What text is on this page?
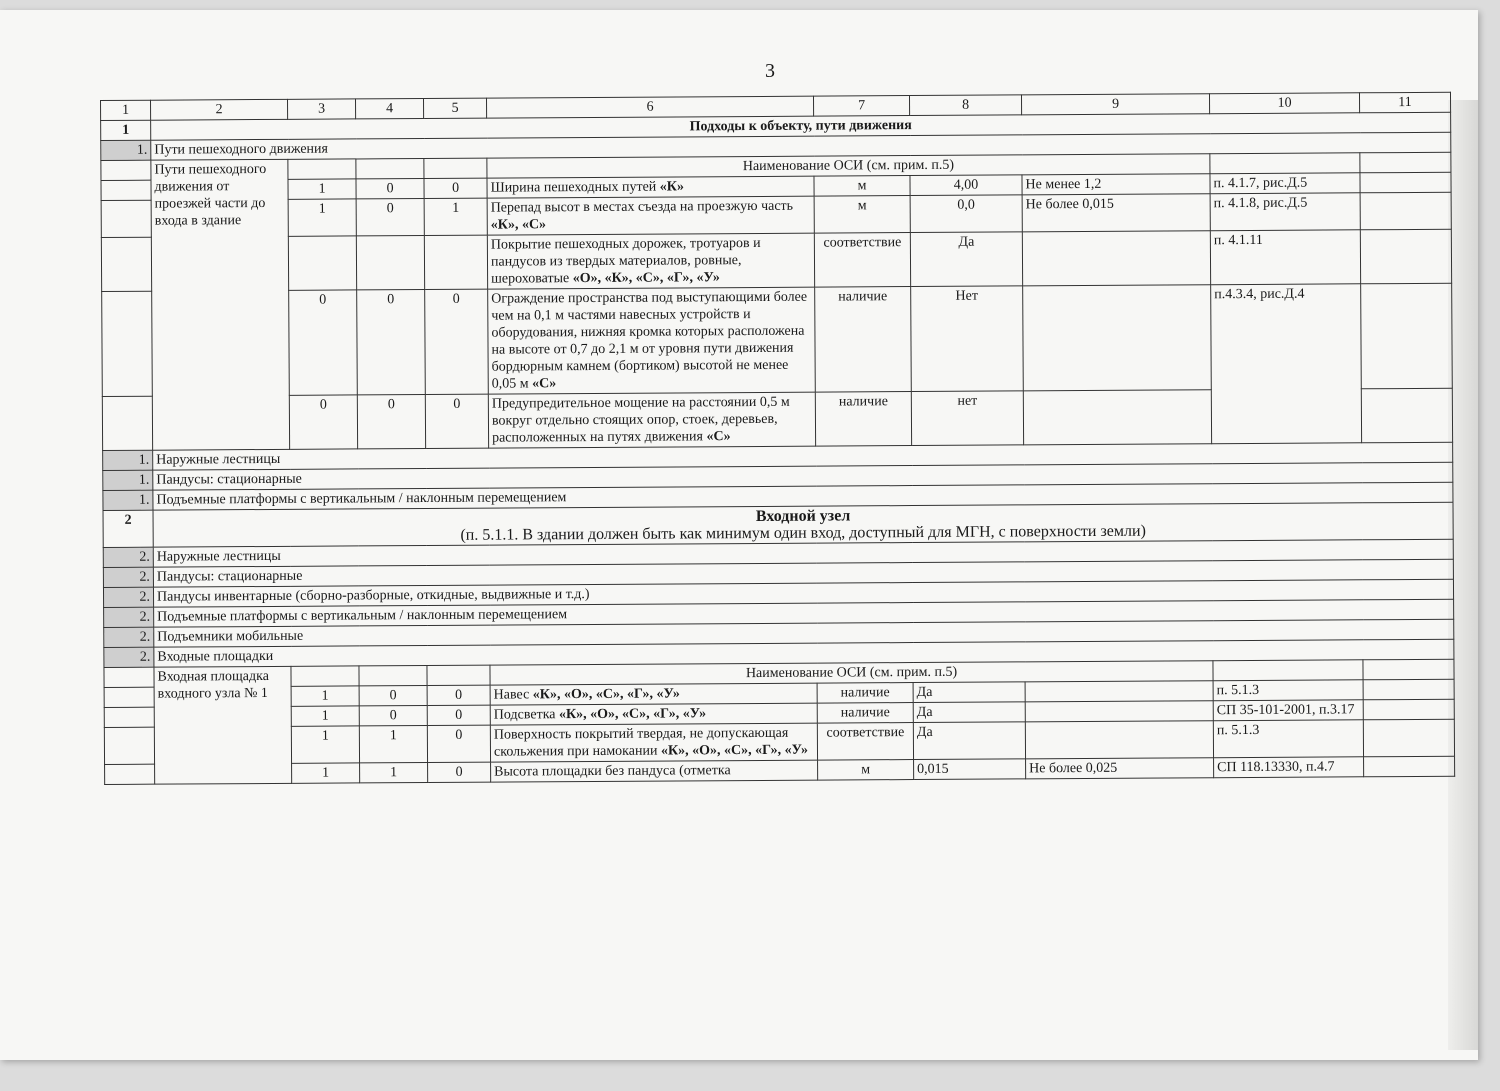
3
1	2	3	4	5	6	7	8	9	10	11
1	Подходы к объекту, пути движения									
1.	Пути пешеходного движения									
	Пути пешеходного движения от проезжей части до входа в здание				Наименование ОСИ (см. прим. п.5)					
		1	0	0	Ширина пешеходных путей «К»	м	4,00	Не менее 1,2	п. 4.1.7, рис.Д.5	
		1	0	1	Перепад высот в местах съезда на проезжую часть «К», «С»	м	0,0	Не более 0,015	п. 4.1.8, рис.Д.5	
					Покрытие пешеходных дорожек, тротуаров и пандусов из твердых материалов, ровные, шероховатые «О», «К», «С», «Г», «У»	соответствие	Да		п. 4.1.11	
		0	0	0	Ограждение пространства под выступающими более чем на 0,1 м частями навесных устройств и оборудования, нижняя кромка которых расположена на высоте от 0,7 до 2,1 м от уровня пути движения бордюрным камнем (бортиком) высотой не менее 0,05 м «С»	наличие	Нет		п.4.3.4, рис.Д.4	
		0	0	0	Предупредительное мощение на расстоянии 0,5 м вокруг отдельно стоящих опор, стоек, деревьев, расположенных на путях движения «С»	наличие	нет			
1.	Наружные лестницы									
1.	Пандусы: стационарные									
1.	Подъемные платформы с вертикальным / наклонным перемещением									
2	Входной узел
(п. 5.1.1. В здании должен быть как минимум один вход, доступный для МГН, с поверхности земли)									

2.	Наружные лестницы									
2.	Пандусы: стационарные									
2.	Пандусы инвентарные (сборно-разборные, откидные, выдвижные и т.д.)									
2.	Подъемные платформы с вертикальным / наклонным перемещением									
2.	Подъемники мобильные									
2.	Входные площадки									
	Входная площадка входного узла № 1				Наименование ОСИ (см. прим. п.5)					
		1	0	0	Навес «К», «О», «С», «Г», «У»	наличие	Да		п. 5.1.3	
		1	0	0	Подсветка «К», «О», «С», «Г», «У»	наличие	Да		СП 35-101-2001, п.3.17	
		1	1	0	Поверхность покрытий твердая, не допускающая скольжения при намокании «К», «О», «С», «Г», «У»	соответствие	Да		п. 5.1.3	
		1	1	0	Высота площадки без пандуса (отметка	м	0,015	Не более 0,025	СП 118.13330, п.4.7	
